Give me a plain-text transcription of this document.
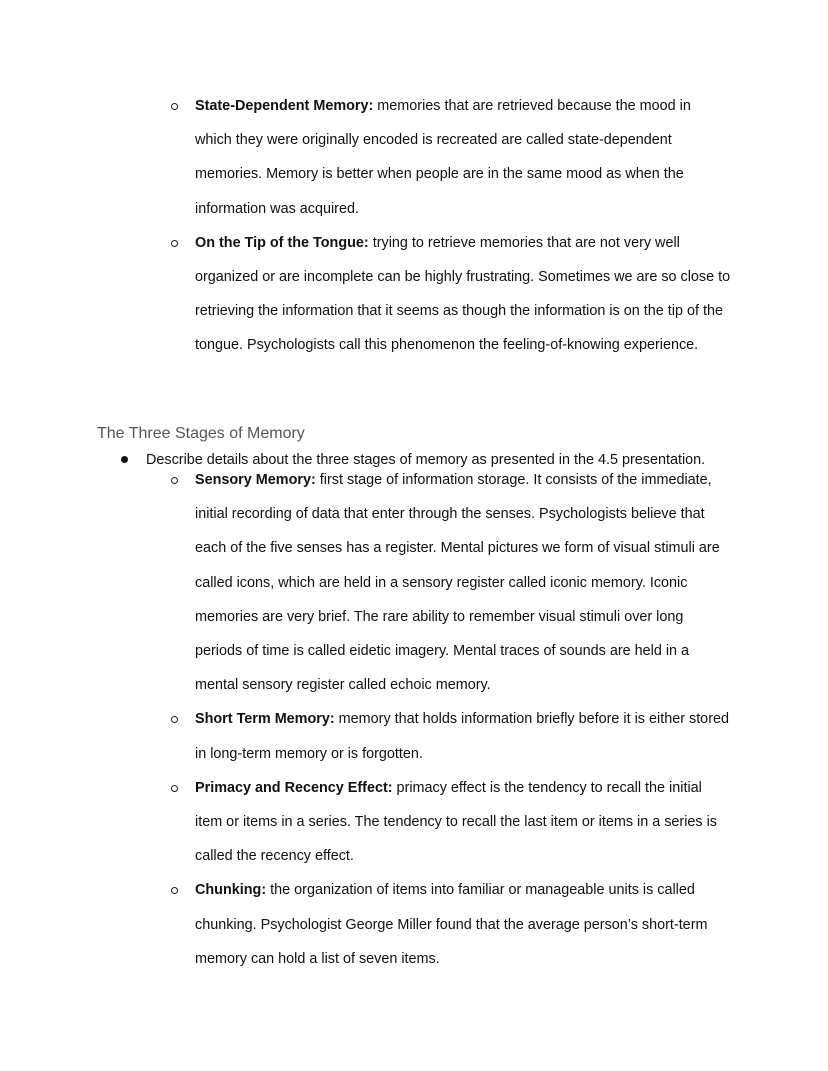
State-Dependent Memory: memories that are retrieved because the mood in which they were originally encoded is recreated are called state-dependent memories. Memory is better when people are in the same mood as when the information was acquired.

On the Tip of the Tongue: trying to retrieve memories that are not very well organized or are incomplete can be highly frustrating. Sometimes we are so close to retrieving the information that it seems as though the information is on the tip of the tongue. Psychologists call this phenomenon the feeling-of-knowing experience.

The Three Stages of Memory

Describe details about the three stages of memory as presented in the 4.5 presentation.

Sensory Memory: first stage of information storage. It consists of the immediate, initial recording of data that enter through the senses. Psychologists believe that each of the five senses has a register. Mental pictures we form of visual stimuli are called icons, which are held in a sensory register called iconic memory. Iconic memories are very brief. The rare ability to remember visual stimuli over long periods of time is called eidetic imagery. Mental traces of sounds are held in a mental sensory register called echoic memory.

Short Term Memory: memory that holds information briefly before it is either stored in long-term memory or is forgotten.

Primacy and Recency Effect: primacy effect is the tendency to recall the initial item or items in a series. The tendency to recall the last item or items in a series is called the recency effect.

Chunking: the organization of items into familiar or manageable units is called chunking. Psychologist George Miller found that the average person’s short-term memory can hold a list of seven items.
